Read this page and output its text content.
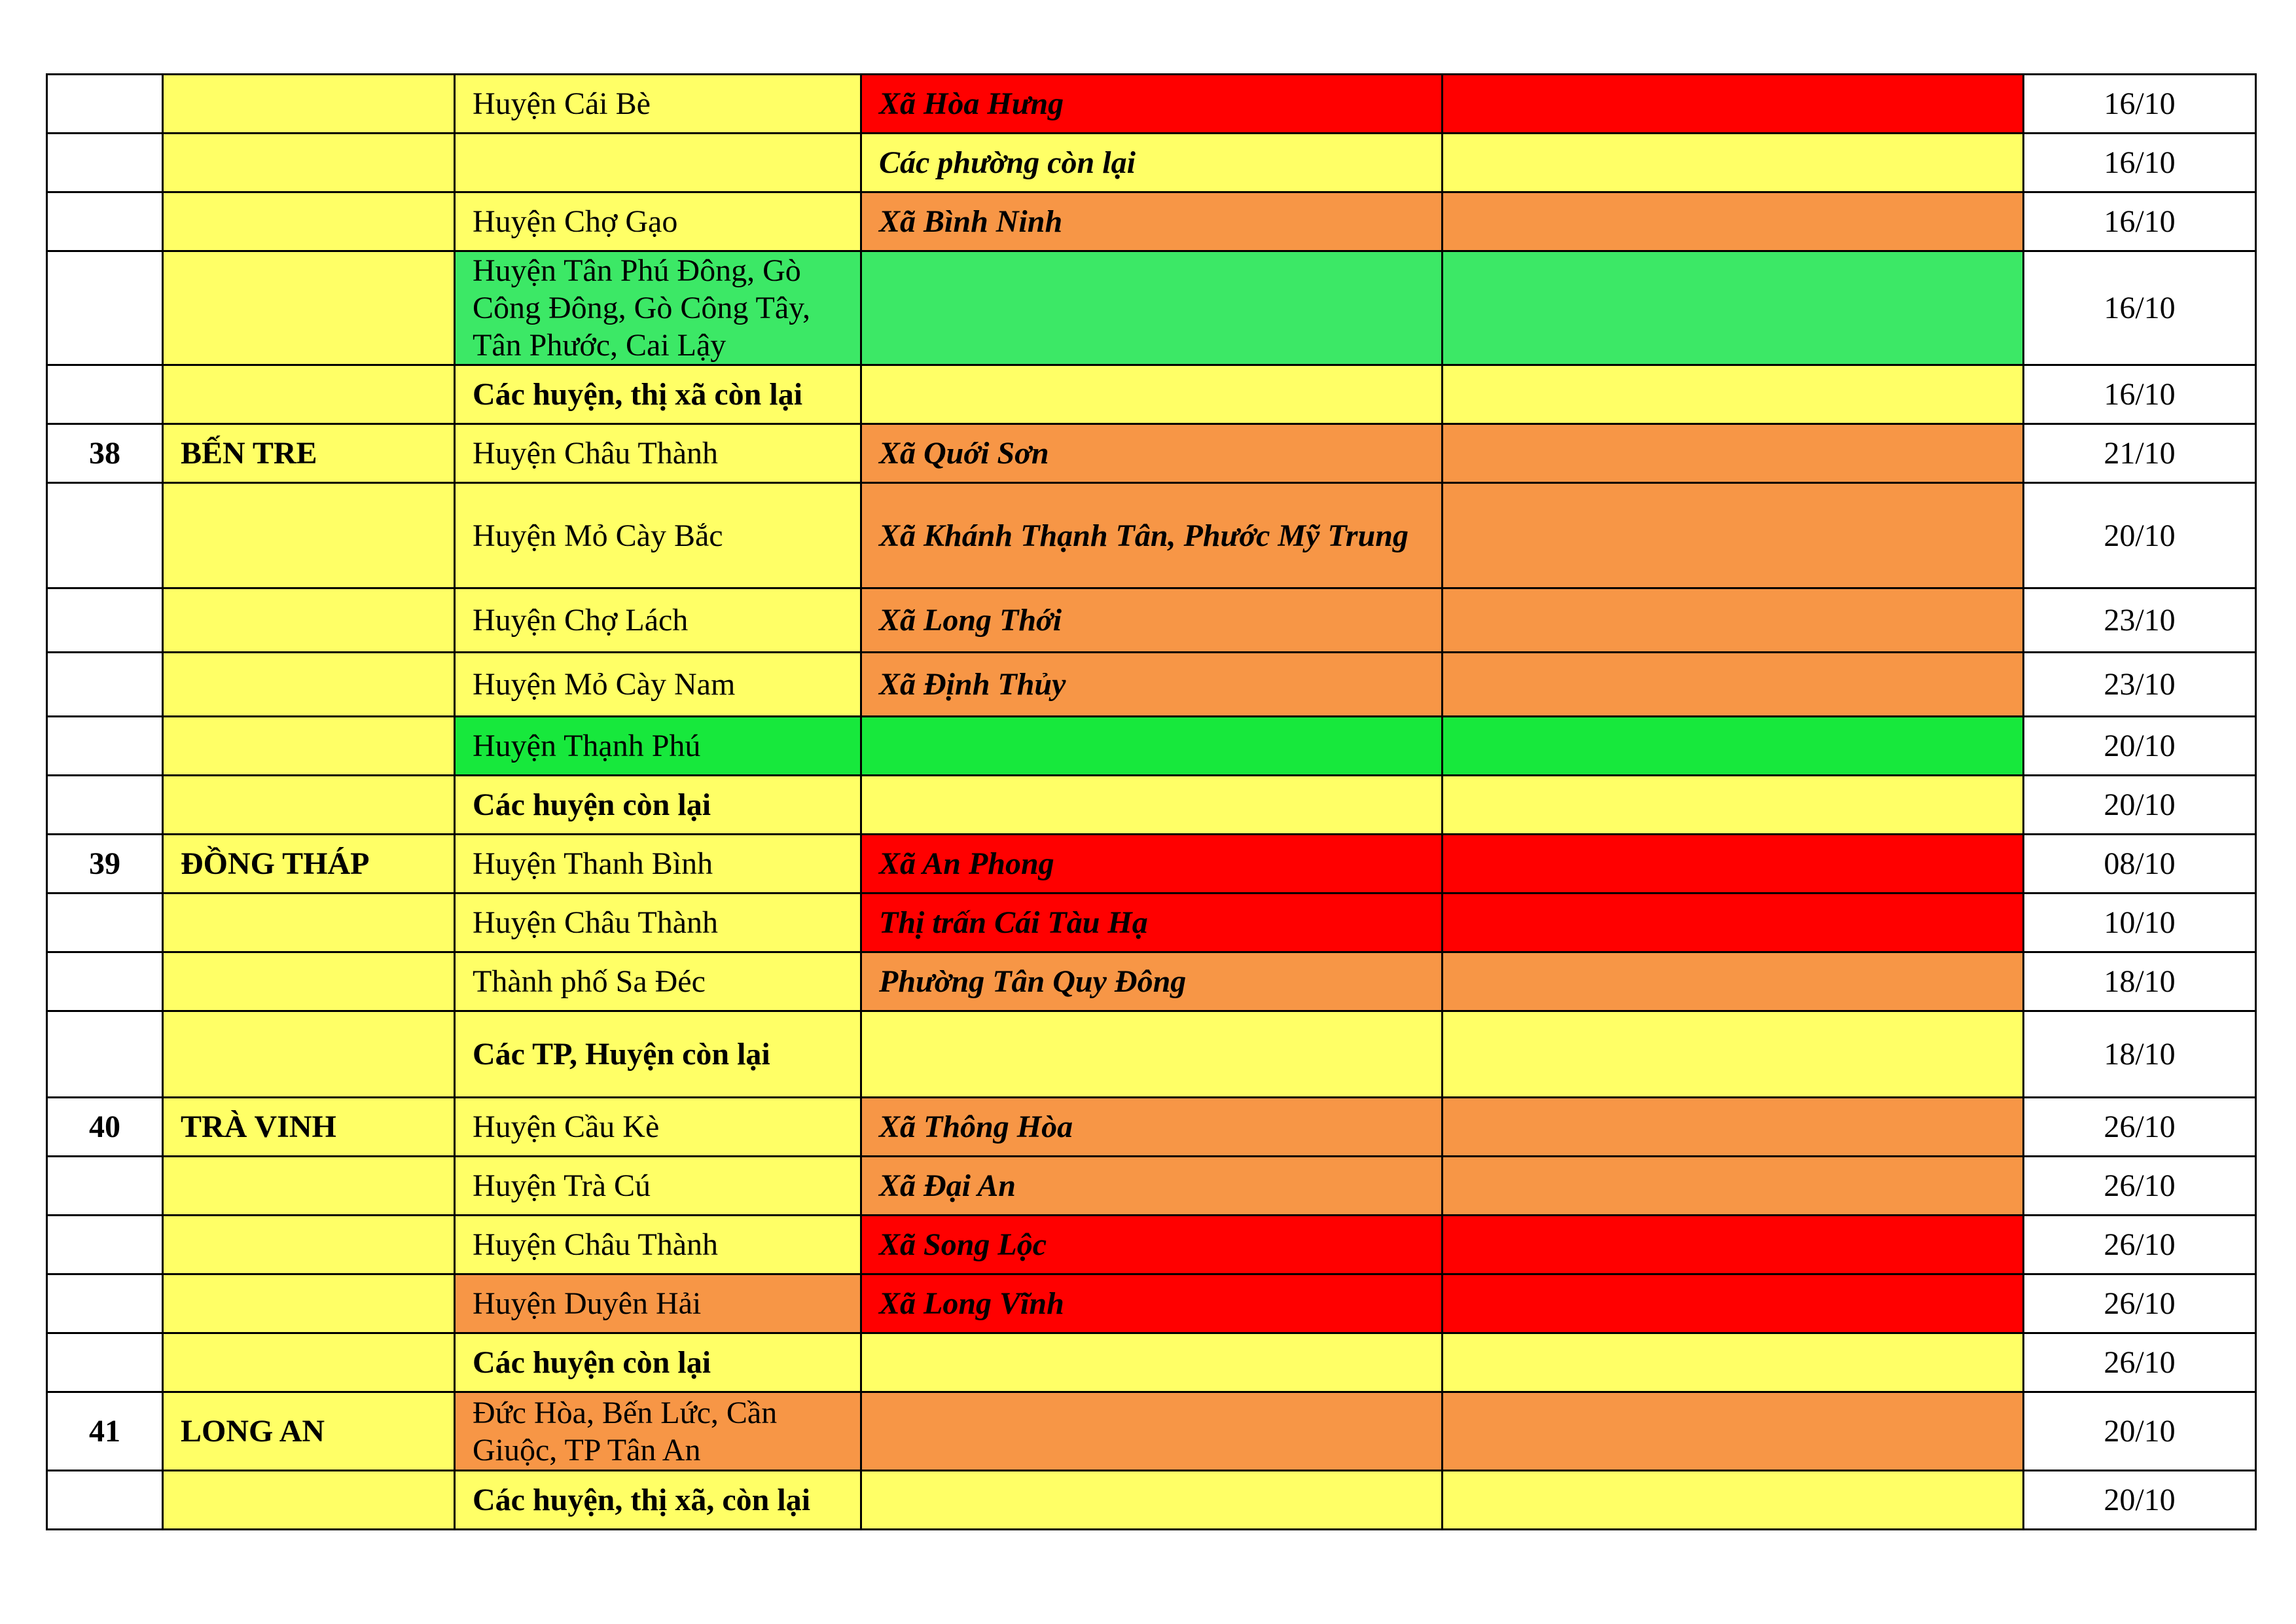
		Huyện Cái Bè	Xã Hòa Hưng		16/10
			Các phường còn lại		16/10
		Huyện Chợ Gạo	Xã Bình Ninh		16/10
		Huyện Tân Phú Đông, Gò Công Đông, Gò Công Tây, Tân Phước, Cai Lậy			16/10
		Các huyện, thị xã còn lại			16/10
38	BẾN TRE	Huyện Châu Thành	Xã Quới Sơn		21/10
		Huyện Mỏ Cày Bắc	Xã Khánh Thạnh Tân, Phước Mỹ Trung		20/10
		Huyện Chợ Lách	Xã Long Thới		23/10
		Huyện Mỏ Cày Nam	Xã Định Thủy		23/10
		Huyện Thạnh Phú			20/10
		Các huyện còn lại			20/10
39	ĐỒNG THÁP	Huyện Thanh Bình	Xã An Phong		08/10
		Huyện Châu Thành	Thị trấn Cái Tàu Hạ		10/10
		Thành phố Sa Đéc	Phường Tân Quy Đông		18/10
		Các TP, Huyện còn lại			18/10
40	TRÀ VINH	Huyện Cầu Kè	Xã Thông Hòa		26/10
		Huyện Trà Cú	Xã Đại An		26/10
		Huyện Châu Thành	Xã Song Lộc		26/10
		Huyện Duyên Hải	Xã Long Vĩnh		26/10
		Các huyện còn lại			26/10
41	LONG AN	Đức Hòa, Bến Lức, Cần Giuộc, TP Tân An			20/10
		Các huyện, thị xã, còn lại			20/10
